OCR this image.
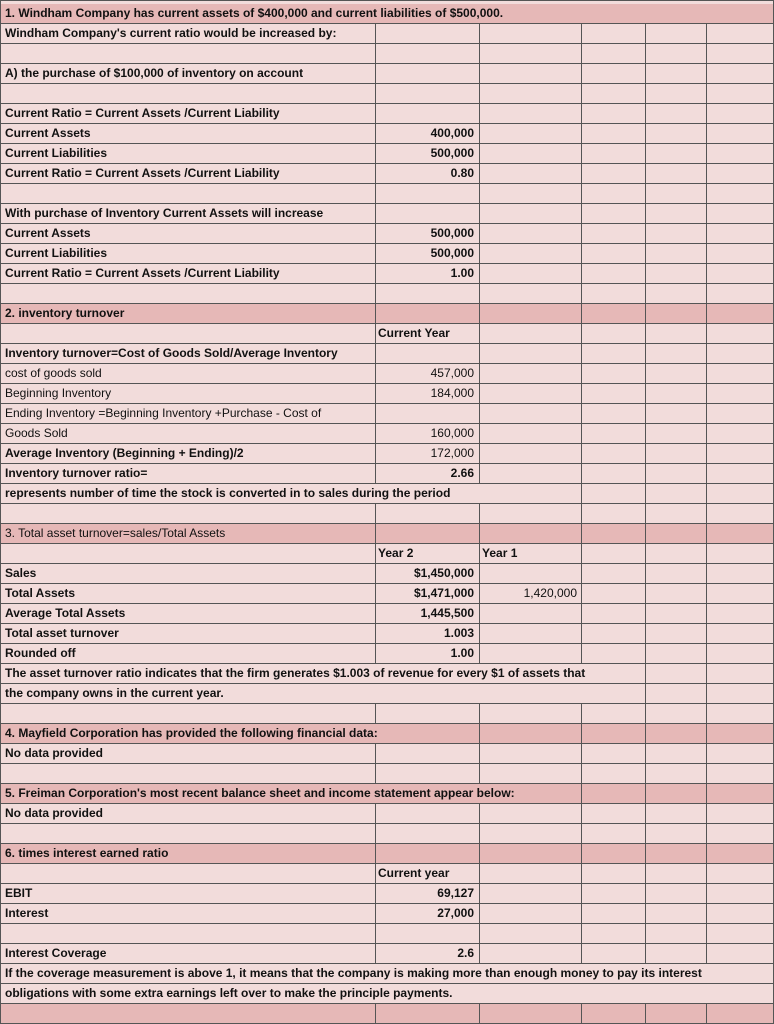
1. Windham Company has current assets of $400,000 and current liabilities of $500,000.
Windham Company's current ratio would be increased by:
A) the purchase of $100,000 of inventory on account
Current Ratio = Current Assets /Current Liability
Current Assets	400,000
Current Liabilities	500,000
Current Ratio = Current Assets /Current Liability	0.80
With purchase of Inventory Current Assets will increase
Current Assets	500,000
Current Liabilities	500,000
Current Ratio = Current Assets /Current Liability	1.00
2. inventory turnover
Current Year
Inventory turnover=Cost of Goods Sold/Average Inventory
cost of goods sold	457,000
Beginning Inventory	184,000
Ending Inventory =Beginning Inventory +Purchase - Cost of
Goods Sold	160,000
Average Inventory (Beginning + Ending)/2	172,000
Inventory turnover ratio=	2.66
represents number of time the stock is converted in to sales during the period
3. Total asset turnover=sales/Total Assets
Year 2	Year 1
Sales	$1,450,000
Total Assets	$1,471,000	1,420,000
Average Total Assets	1,445,500
Total asset turnover	1.003
Rounded off	1.00
The asset turnover ratio indicates that the firm generates $1.003 of revenue for every $1 of assets that
the company owns in the current year.
4. Mayfield Corporation has provided the following financial data:
No data provided
5. Freiman Corporation's most recent balance sheet and income statement appear below:
No data provided
6. times interest earned ratio
Current year
EBIT	69,127
Interest	27,000
Interest Coverage	2.6
If the coverage measurement is above 1, it means that the company is making more than enough money to pay its interest
obligations with some extra earnings left over to make the principle payments.
